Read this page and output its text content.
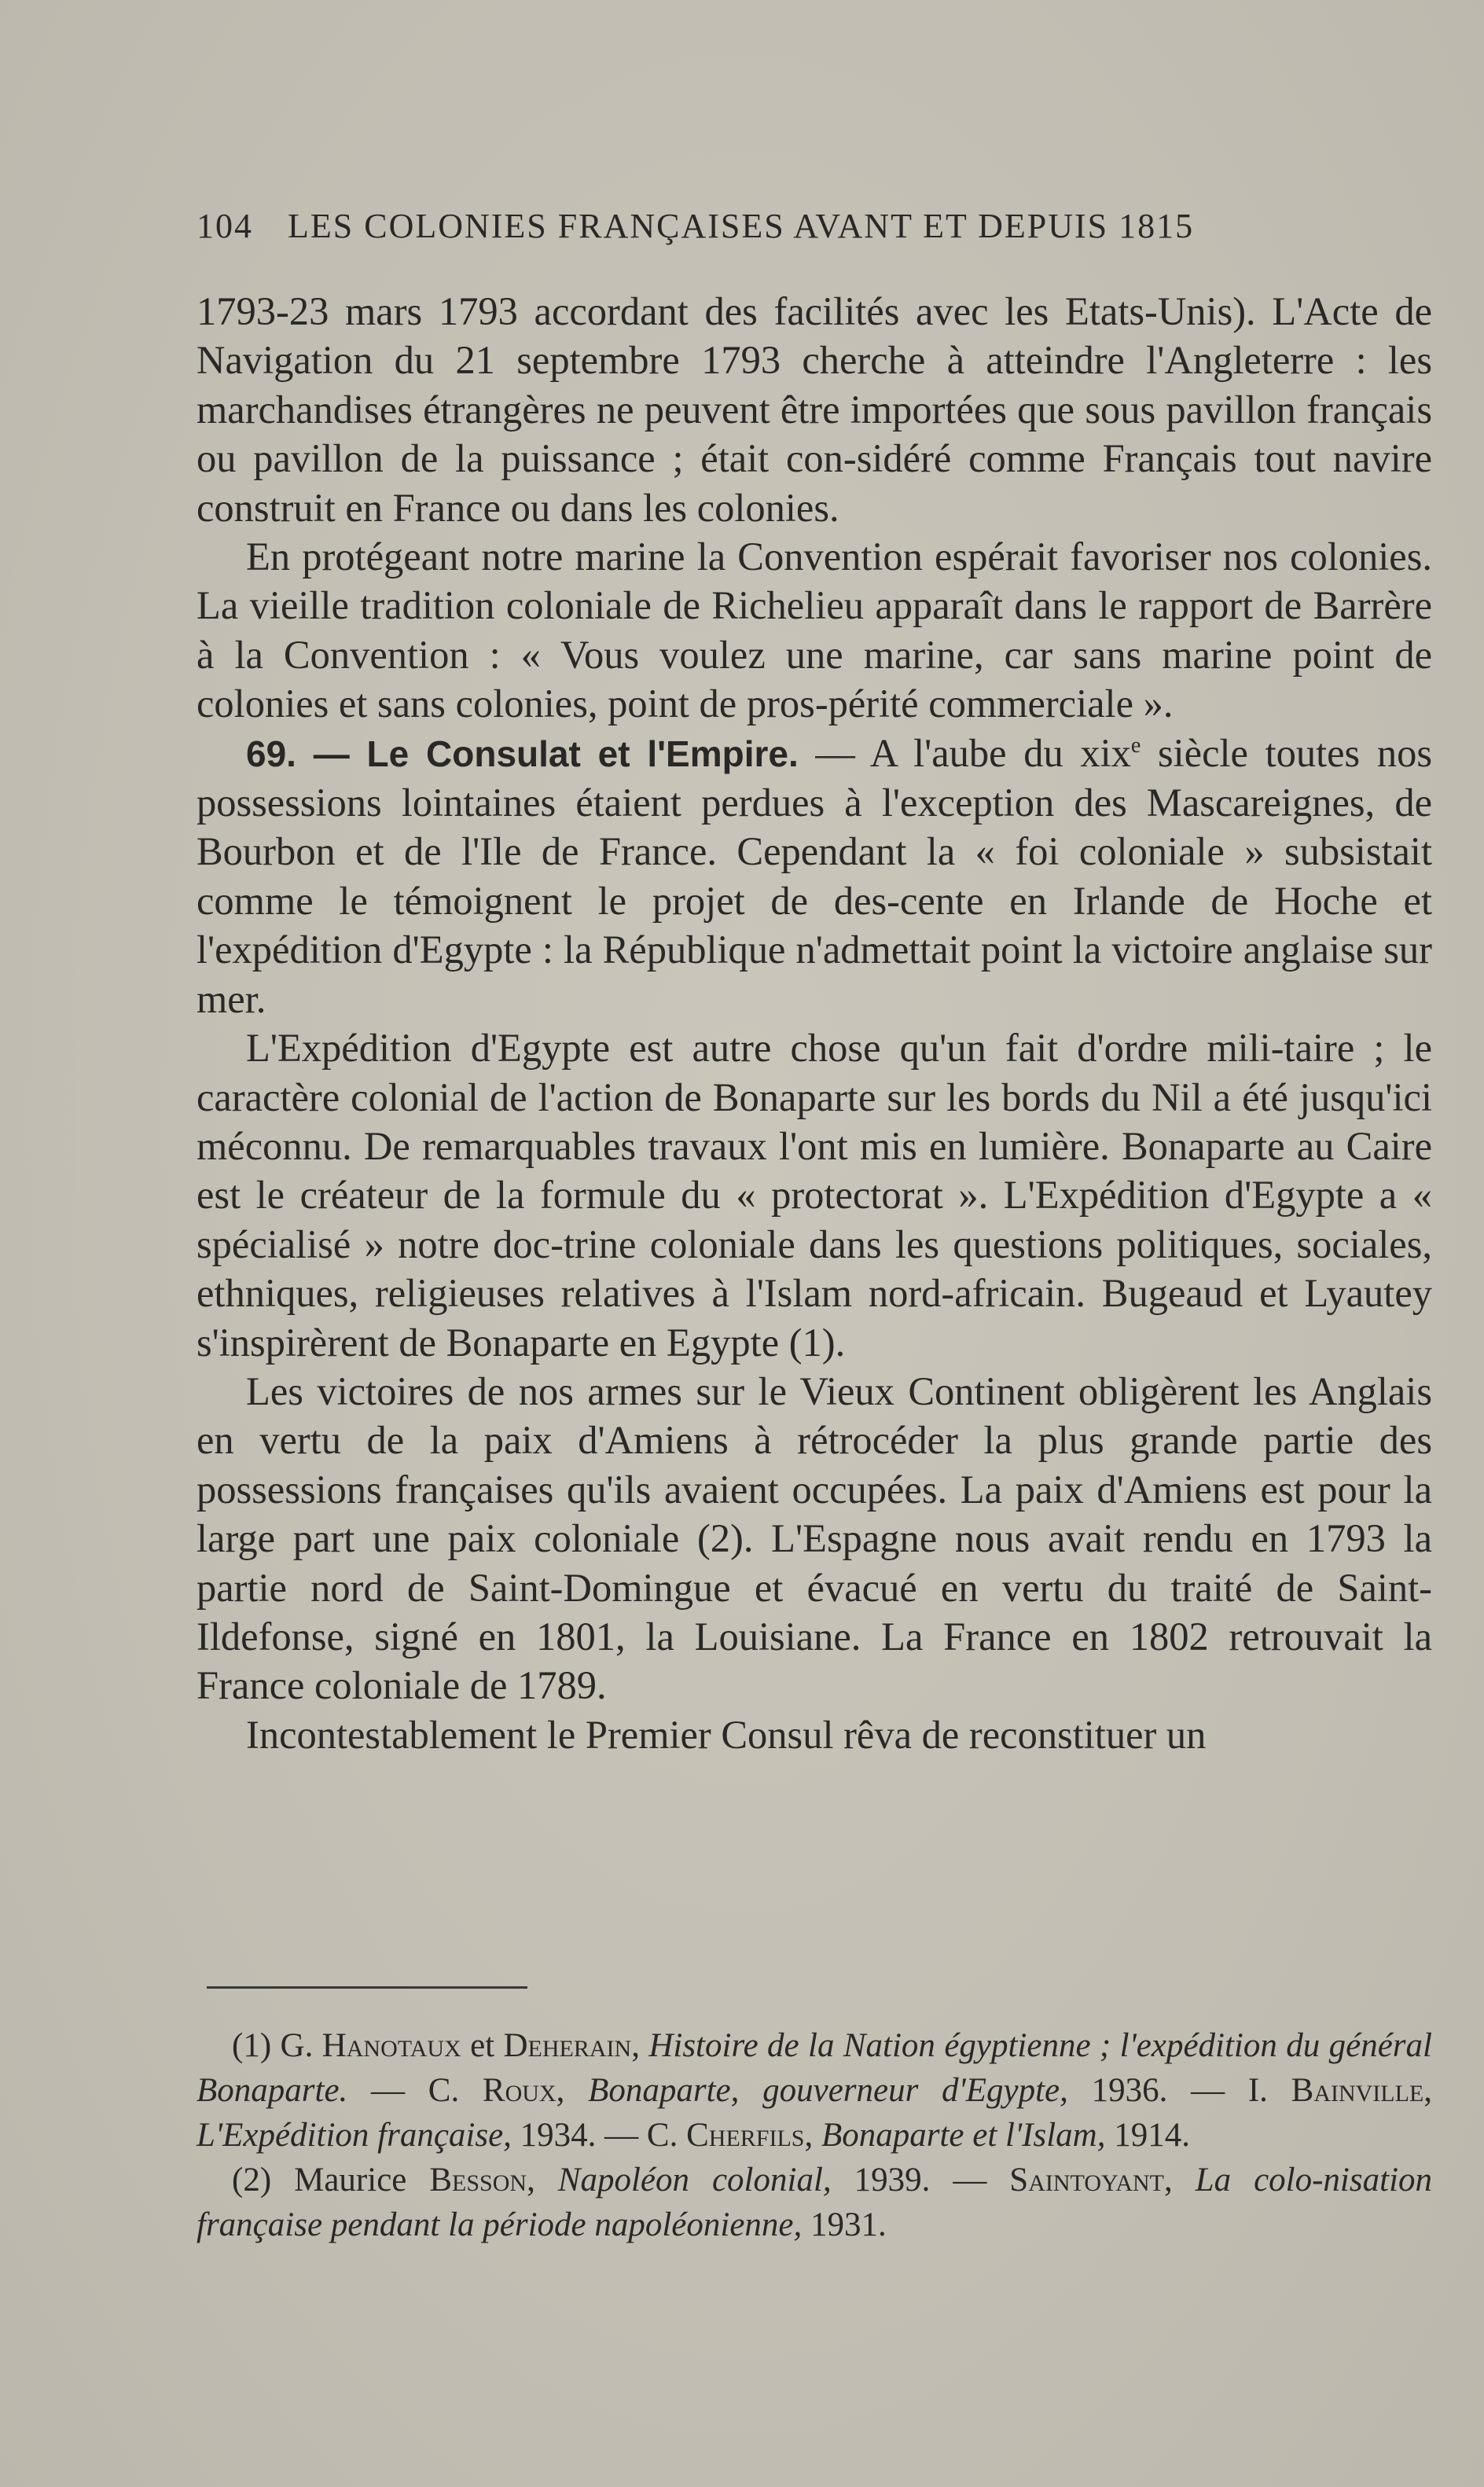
104 LES COLONIES FRANÇAISES AVANT ET DEPUIS 1815

1793-23 mars 1793 accordant des facilités avec les Etats-Unis). L'Acte de Navigation du 21 septembre 1793 cherche à atteindre l'Angleterre : les marchandises étrangères ne peuvent être importées que sous pavillon français ou pavillon de la puissance ; était con-sidéré comme Français tout navire construit en France ou dans les colonies.

En protégeant notre marine la Convention espérait favoriser nos colonies. La vieille tradition coloniale de Richelieu apparaît dans le rapport de Barrère à la Convention : « Vous voulez une marine, car sans marine point de colonies et sans colonies, point de pros-périté commerciale ».

69. — Le Consulat et l'Empire. — A l'aube du xix$^e$ siècle toutes nos possessions lointaines étaient perdues à l'exception des Mascareignes, de Bourbon et de l'Ile de France. Cependant la « foi coloniale » subsistait comme le témoignent le projet de des-cente en Irlande de Hoche et l'expédition d'Egypte : la République n'admettait point la victoire anglaise sur mer.

L'Expédition d'Egypte est autre chose qu'un fait d'ordre mili-taire ; le caractère colonial de l'action de Bonaparte sur les bords du Nil a été jusqu'ici méconnu. De remarquables travaux l'ont mis en lumière. Bonaparte au Caire est le créateur de la formule du « protectorat ». L'Expédition d'Egypte a « spécialisé » notre doc-trine coloniale dans les questions politiques, sociales, ethniques, religieuses relatives à l'Islam nord-africain. Bugeaud et Lyautey s'inspirèrent de Bonaparte en Egypte (1).

Les victoires de nos armes sur le Vieux Continent obligèrent les Anglais en vertu de la paix d'Amiens à rétrocéder la plus grande partie des possessions françaises qu'ils avaient occupées. La paix d'Amiens est pour la large part une paix coloniale (2). L'Espagne nous avait rendu en 1793 la partie nord de Saint-Domingue et évacué en vertu du traité de Saint-Ildefonse, signé en 1801, la Louisiane. La France en 1802 retrouvait la France coloniale de 1789.

Incontestablement le Premier Consul rêva de reconstituer un

(1) G. Hanotaux et Deherain, Histoire de la Nation égyptienne ; l'expédition du général Bonaparte. — C. Roux, Bonaparte, gouverneur d'Egypte, 1936. — I. Bainville, L'Expédition française, 1934. — C. Cherfils, Bonaparte et l'Islam, 1914.

(2) Maurice Besson, Napoléon colonial, 1939. — Saintoyant, La colo-nisation française pendant la période napoléonienne, 1931.
